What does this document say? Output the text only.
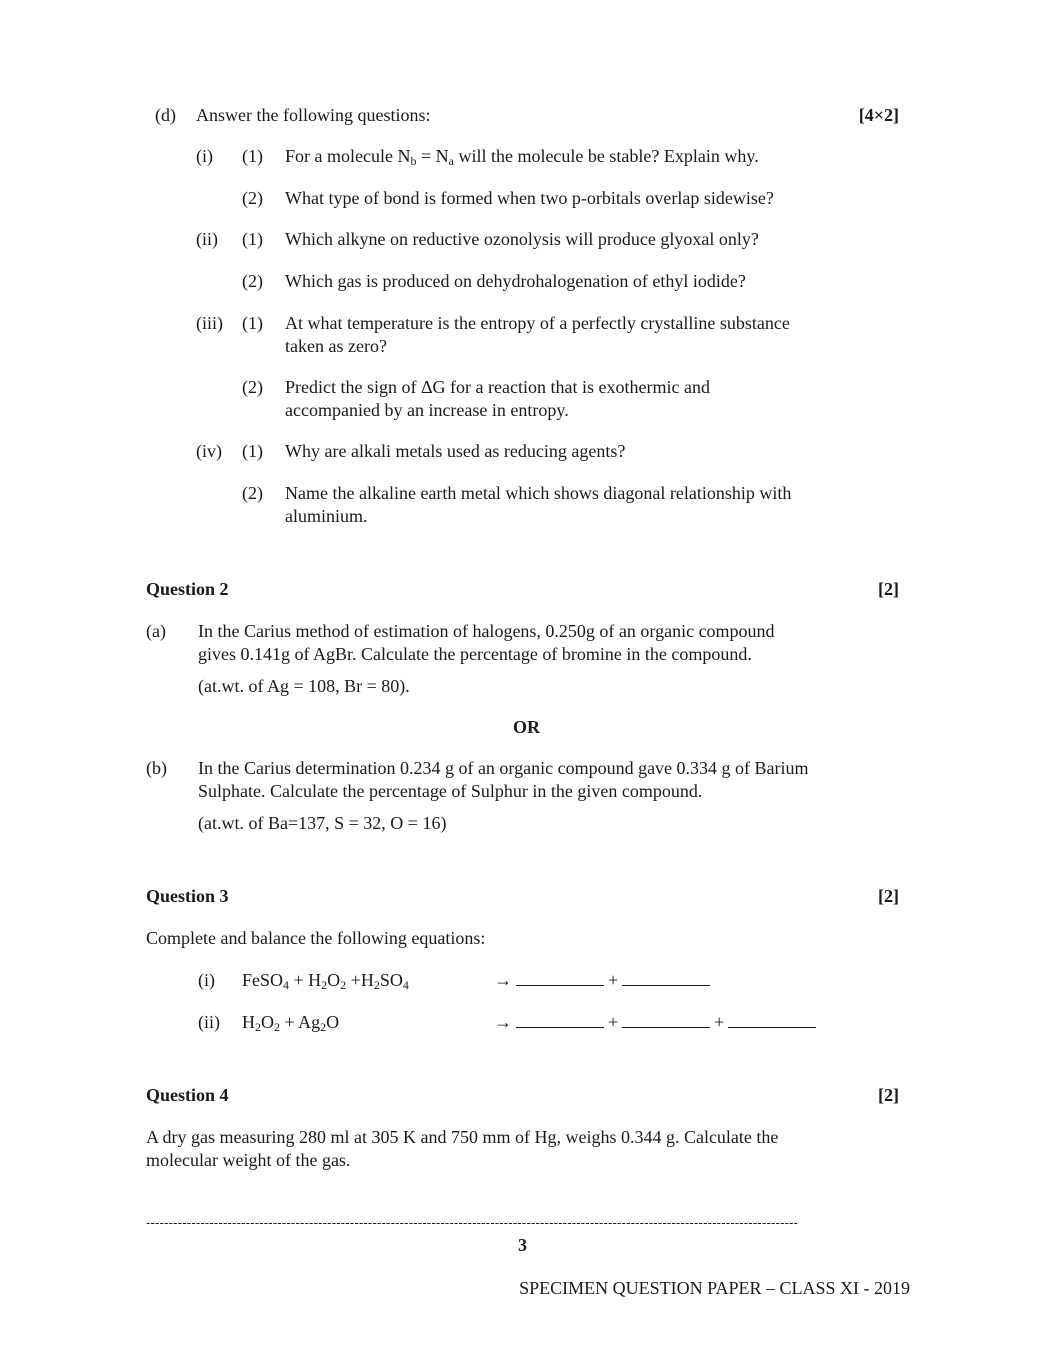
(d) Answer the following questions:	[4×2]
(i) (1) For a molecule $N_b = N_a$ will the molecule be stable? Explain why.
(2) What type of bond is formed when two p-orbitals overlap sidewise?
(ii) (1) Which alkyne on reductive ozonolysis will produce glyoxal only?
(2) Which gas is produced on dehydrohalogenation of ethyl iodide?
(iii) (1) At what temperature is the entropy of a perfectly crystalline substance
taken as zero?
(2) Predict the sign of ΔG for a reaction that is exothermic and
accompanied by an increase in entropy.
(iv) (1) Why are alkali metals used as reducing agents?
(2) Name the alkaline earth metal which shows diagonal relationship with
aluminium.
Question 2	[2]
(a) In the Carius method of estimation of halogens, 0.250g of an organic compound
gives 0.141g of AgBr. Calculate the percentage of bromine in the compound.
(at.wt. of Ag = 108, Br = 80).
OR
(b) In the Carius determination 0.234 g of an organic compound gave 0.334 g of Barium
Sulphate. Calculate the percentage of Sulphur in the given compound.
(at.wt. of Ba=137, S = 32, O = 16)
Question 3	[2]
Complete and balance the following equations:
(i) FeSO$_4$ + $H_2O_2 +H_2SO_4$	→	+
(ii) $H_2O_2 + Ag_2O$	→	+	+
Question 4	[2]
A dry gas measuring 280 ml at 305 K and 750 mm of Hg, weighs 0.344 g. Calculate the
molecular weight of the gas.
------------------------------------------------------------------------------------------------------------------------------------------------
3
SPECIMEN QUESTION PAPER – CLASS XI - 2019
